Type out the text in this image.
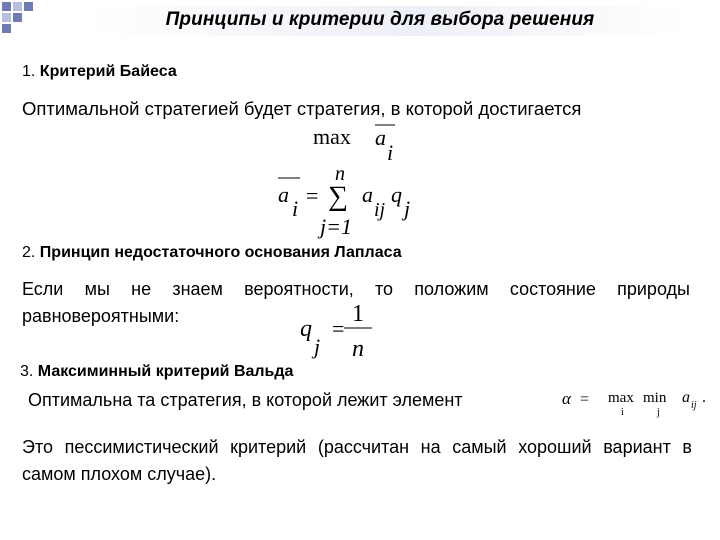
Принципы и критерии для выбора решения
1. Критерий Байеса
Оптимальной стратегией будет стратегия, в которой достигается
max a
i
a
i
=
n
∑
j=1
a
ij
q
j
2. Принцип недостаточного основания Лапласа
Если мы не знаем вероятности, то положим состояние природы равновероятными:	q
j
=
1
n
3. Максиминный критерий Вальда
Оптимальна та стратегия, в которой лежит элемент	α = max
i
min
j
a ij .
Это пессимистический критерий (рассчитан на самый хороший вариант в самом плохом случае).
